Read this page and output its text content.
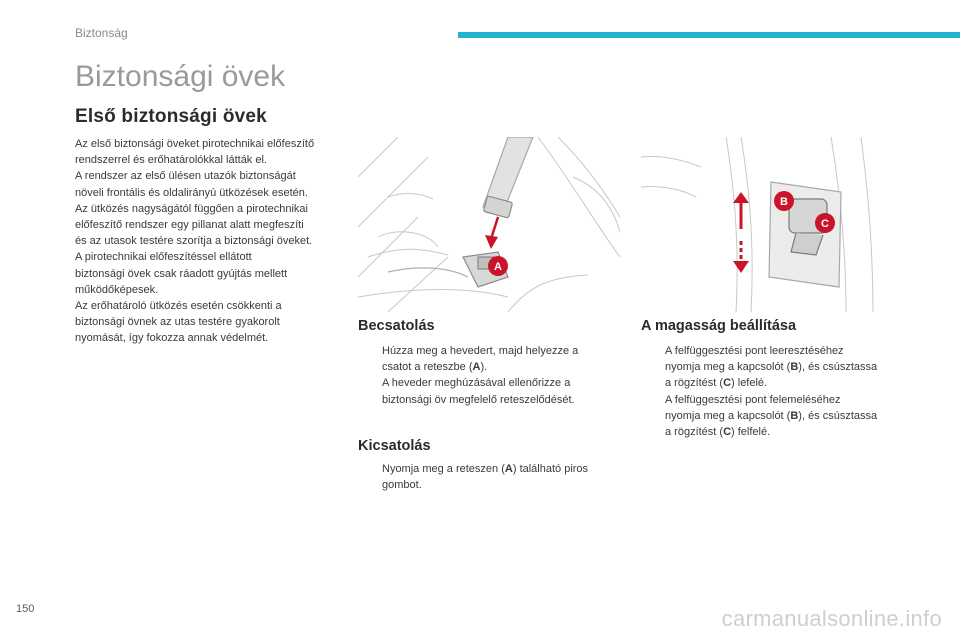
Biztonság
Biztonsági övek
Első biztonsági övek
Az első biztonsági öveket pirotechnikai előfeszítő
rendszerrel és erőhatárolókkal látták el.
A rendszer az első ülésen utazók biztonságát
növeli frontális és oldalirányú ütközések esetén.
Az ütközés nagyságától függően a pirotechnikai
előfeszítő rendszer egy pillanat alatt megfeszíti
és az utasok testére szorítja a biztonsági öveket.
A pirotechnikai előfeszítéssel ellátott
biztonsági övek csak ráadott gyújtás mellett
működőképesek.
Az erőhatároló ütközés esetén csökkenti a
biztonsági övnek az utas testére gyakorolt
nyomását, így fokozza annak védelmét.
A
B
C
Becsatolás
Húzza meg a hevedert, majd helyezze a
csatot a reteszbe (A).
A heveder meghúzásával ellenőrizze a
biztonsági öv megfelelő reteszelődését.
Kicsatolás
Nyomja meg a reteszen (A) található piros
gombot.
A magasság beállítása
A felfüggesztési pont leeresztéséhez
nyomja meg a kapcsolót (B), és csúsztassa
a rögzítést (C) lefelé.
A felfüggesztési pont felemeléséhez
nyomja meg a kapcsolót (B), és csúsztassa
a rögzítést (C) felfelé.
150	carmanualsonline.info
